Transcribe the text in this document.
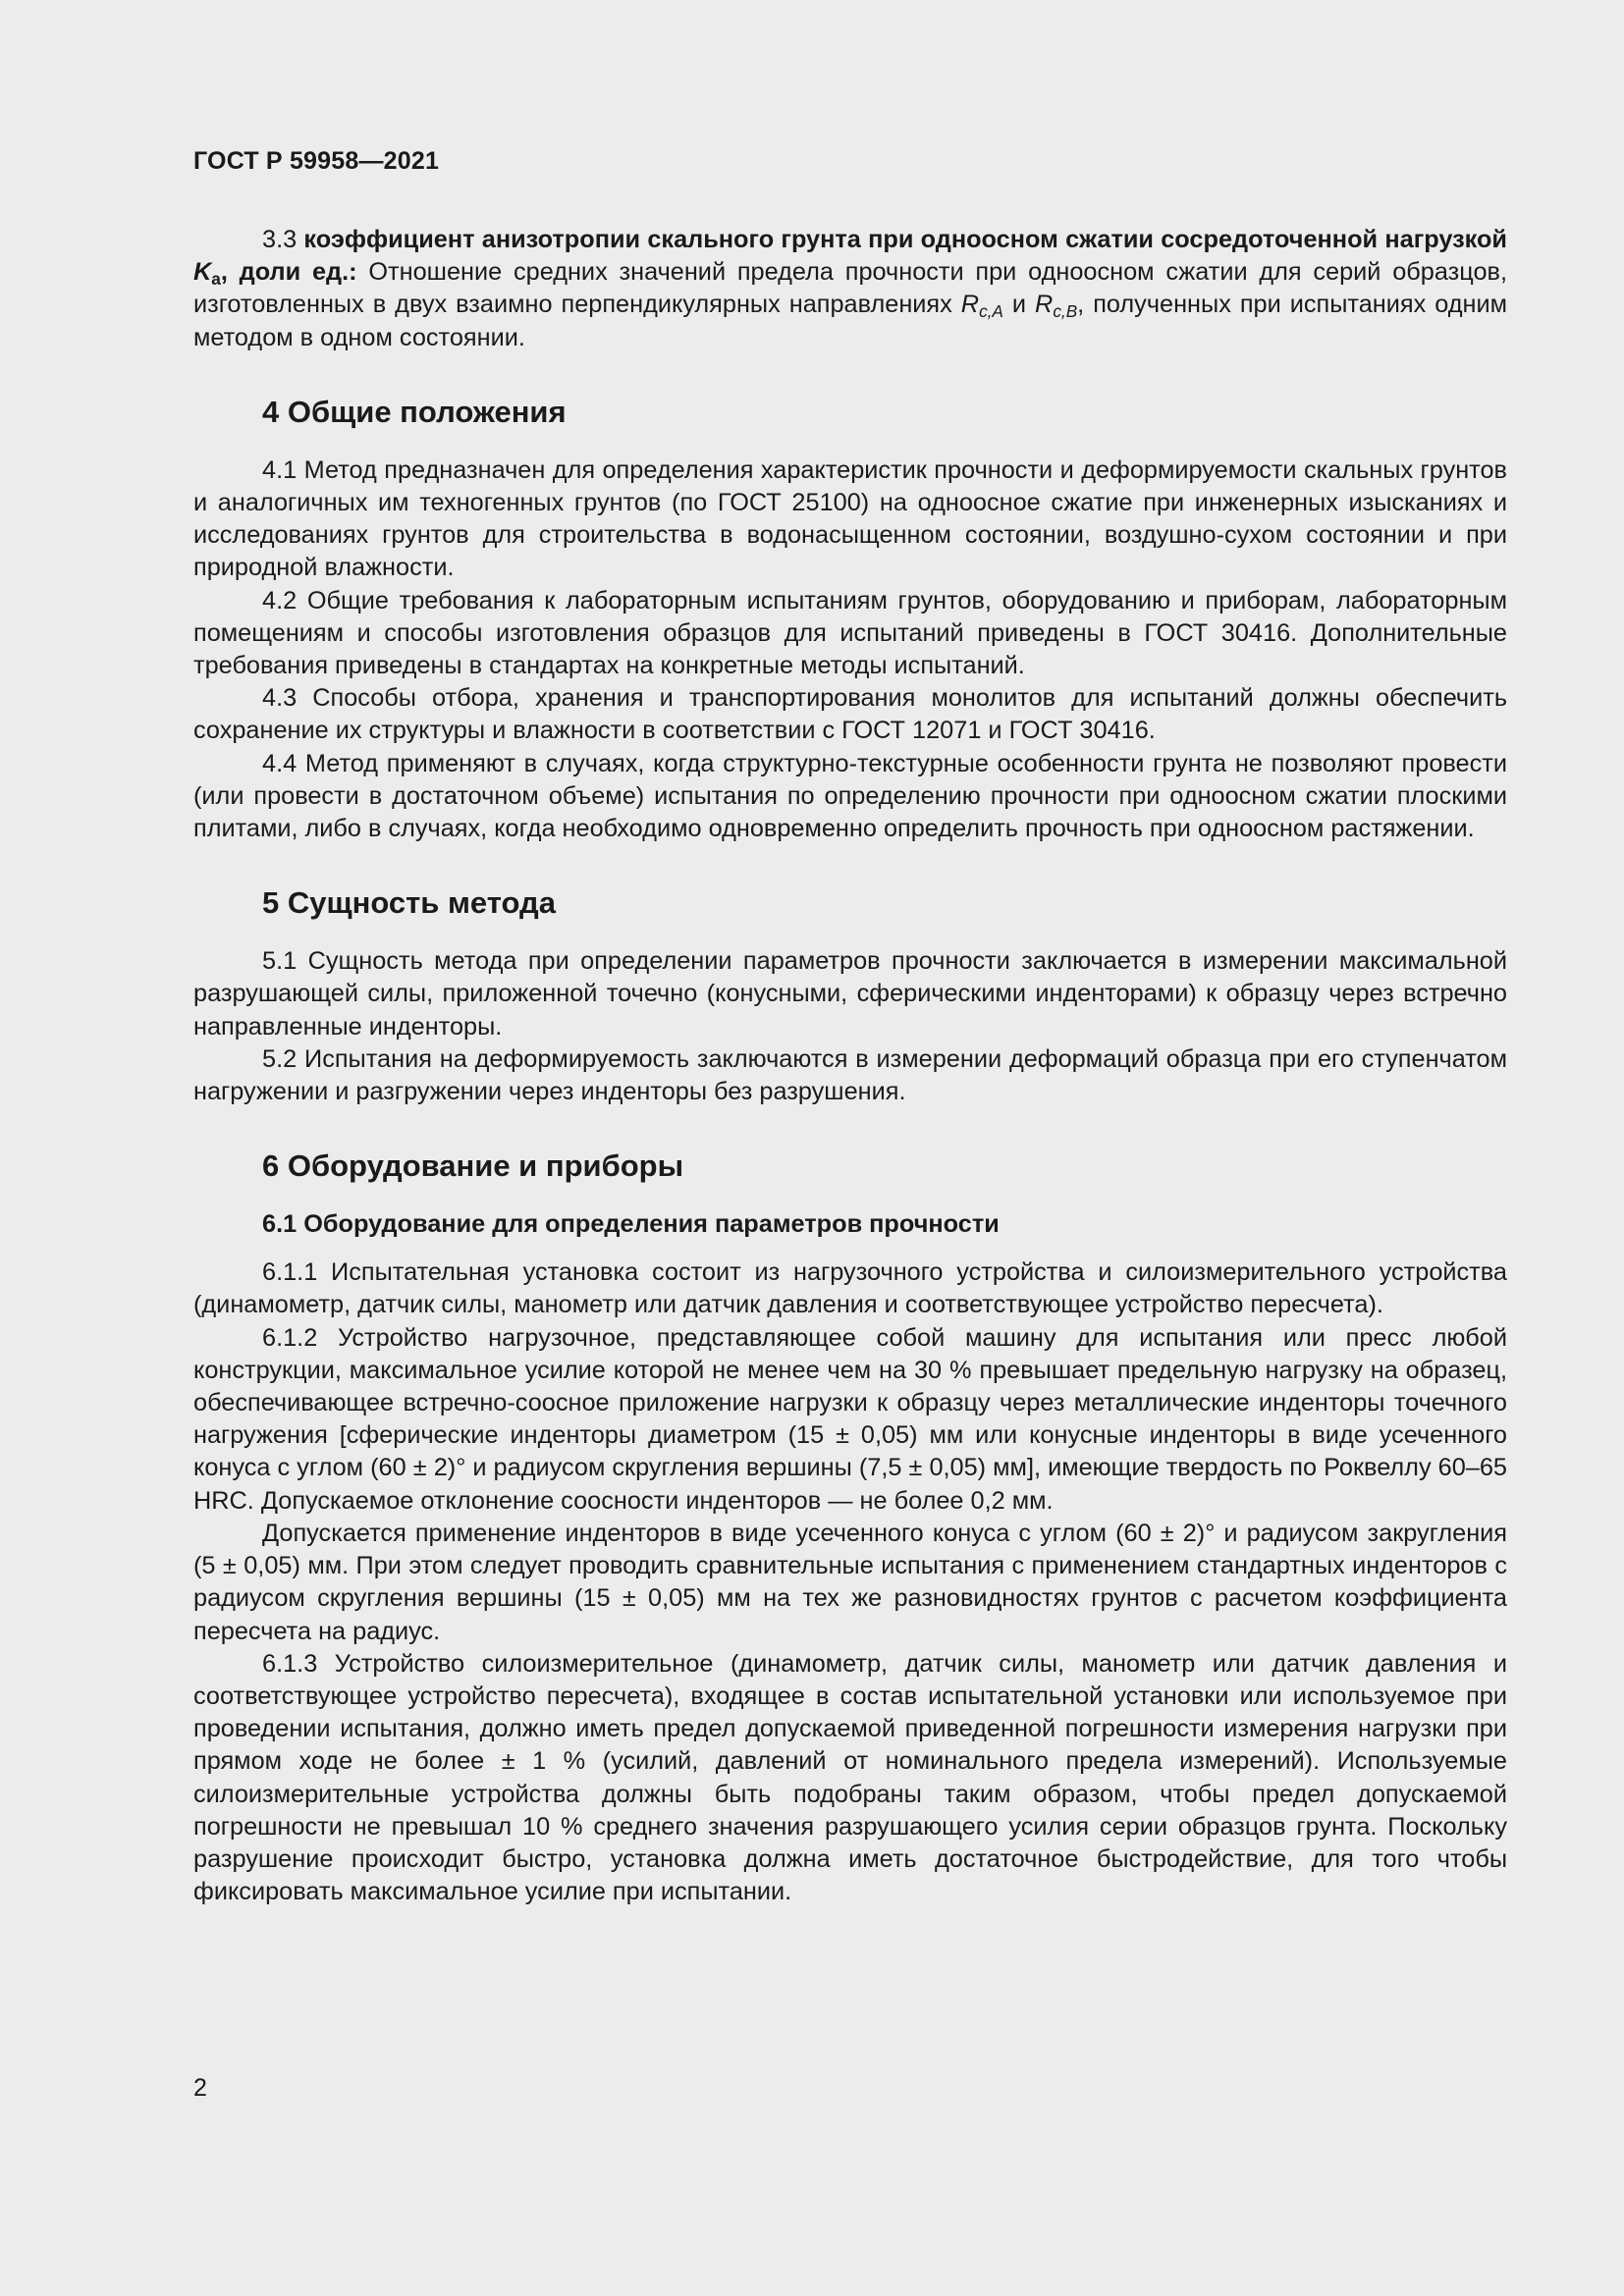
ГОСТ Р 59958—2021

3.3 коэффициент анизотропии скального грунта при одноосном сжатии сосредоточенной нагрузкой $K_a$, доли ед.: Отношение средних значений предела прочности при одноосном сжатии для серий образцов, изготовленных в двух взаимно перпендикулярных направлениях $R_{c,A}$ и $R_{c,B}$, полученных при испытаниях одним методом в одном состоянии.

4 Общие положения

4.1 Метод предназначен для определения характеристик прочности и деформируемости скальных грунтов и аналогичных им техногенных грунтов (по ГОСТ 25100) на одноосное сжатие при инженерных изысканиях и исследованиях грунтов для строительства в водонасыщенном состоянии, воздушно-сухом состоянии и при природной влажности.

4.2 Общие требования к лабораторным испытаниям грунтов, оборудованию и приборам, лабораторным помещениям и способы изготовления образцов для испытаний приведены в ГОСТ 30416. Дополнительные требования приведены в стандартах на конкретные методы испытаний.

4.3 Способы отбора, хранения и транспортирования монолитов для испытаний должны обеспечить сохранение их структуры и влажности в соответствии с ГОСТ 12071 и ГОСТ 30416.

4.4 Метод применяют в случаях, когда структурно-текстурные особенности грунта не позволяют провести (или провести в достаточном объеме) испытания по определению прочности при одноосном сжатии плоскими плитами, либо в случаях, когда необходимо одновременно определить прочность при одноосном растяжении.

5 Сущность метода

5.1 Сущность метода при определении параметров прочности заключается в измерении максимальной разрушающей силы, приложенной точечно (конусными, сферическими инденторами) к образцу через встречно направленные инденторы.

5.2 Испытания на деформируемость заключаются в измерении деформаций образца при его ступенчатом нагружении и разгружении через инденторы без разрушения.

6 Оборудование и приборы
6.1 Оборудование для определения параметров прочности

6.1.1 Испытательная установка состоит из нагрузочного устройства и силоизмерительного устройства (динамометр, датчик силы, манометр или датчик давления и соответствующее устройство пересчета).

6.1.2 Устройство нагрузочное, представляющее собой машину для испытания или пресс любой конструкции, максимальное усилие которой не менее чем на 30 % превышает предельную нагрузку на образец, обеспечивающее встречно-соосное приложение нагрузки к образцу через металлические инденторы точечного нагружения [сферические инденторы диаметром (15 ± 0,05) мм или конусные инденторы в виде усеченного конуса с углом (60 ± 2)° и радиусом скругления вершины (7,5 ± 0,05) мм], имеющие твердость по Роквеллу 60–65 HRC. Допускаемое отклонение соосности инденторов — не более 0,2 мм.

Допускается применение инденторов в виде усеченного конуса с углом (60 ± 2)° и радиусом закругления (5 ± 0,05) мм. При этом следует проводить сравнительные испытания с применением стандартных инденторов с радиусом скругления вершины (15 ± 0,05) мм на тех же разновидностях грунтов с расчетом коэффициента пересчета на радиус.

6.1.3 Устройство силоизмерительное (динамометр, датчик силы, манометр или датчик давления и соответствующее устройство пересчета), входящее в состав испытательной установки или используемое при проведении испытания, должно иметь предел допускаемой приведенной погрешности измерения нагрузки при прямом ходе не более ± 1 % (усилий, давлений от номинального предела измерений). Используемые силоизмерительные устройства должны быть подобраны таким образом, чтобы предел допускаемой погрешности не превышал 10 % среднего значения разрушающего усилия серии образцов грунта. Поскольку разрушение происходит быстро, установка должна иметь достаточное быстродействие, для того чтобы фиксировать максимальное усилие при испытании.

2
